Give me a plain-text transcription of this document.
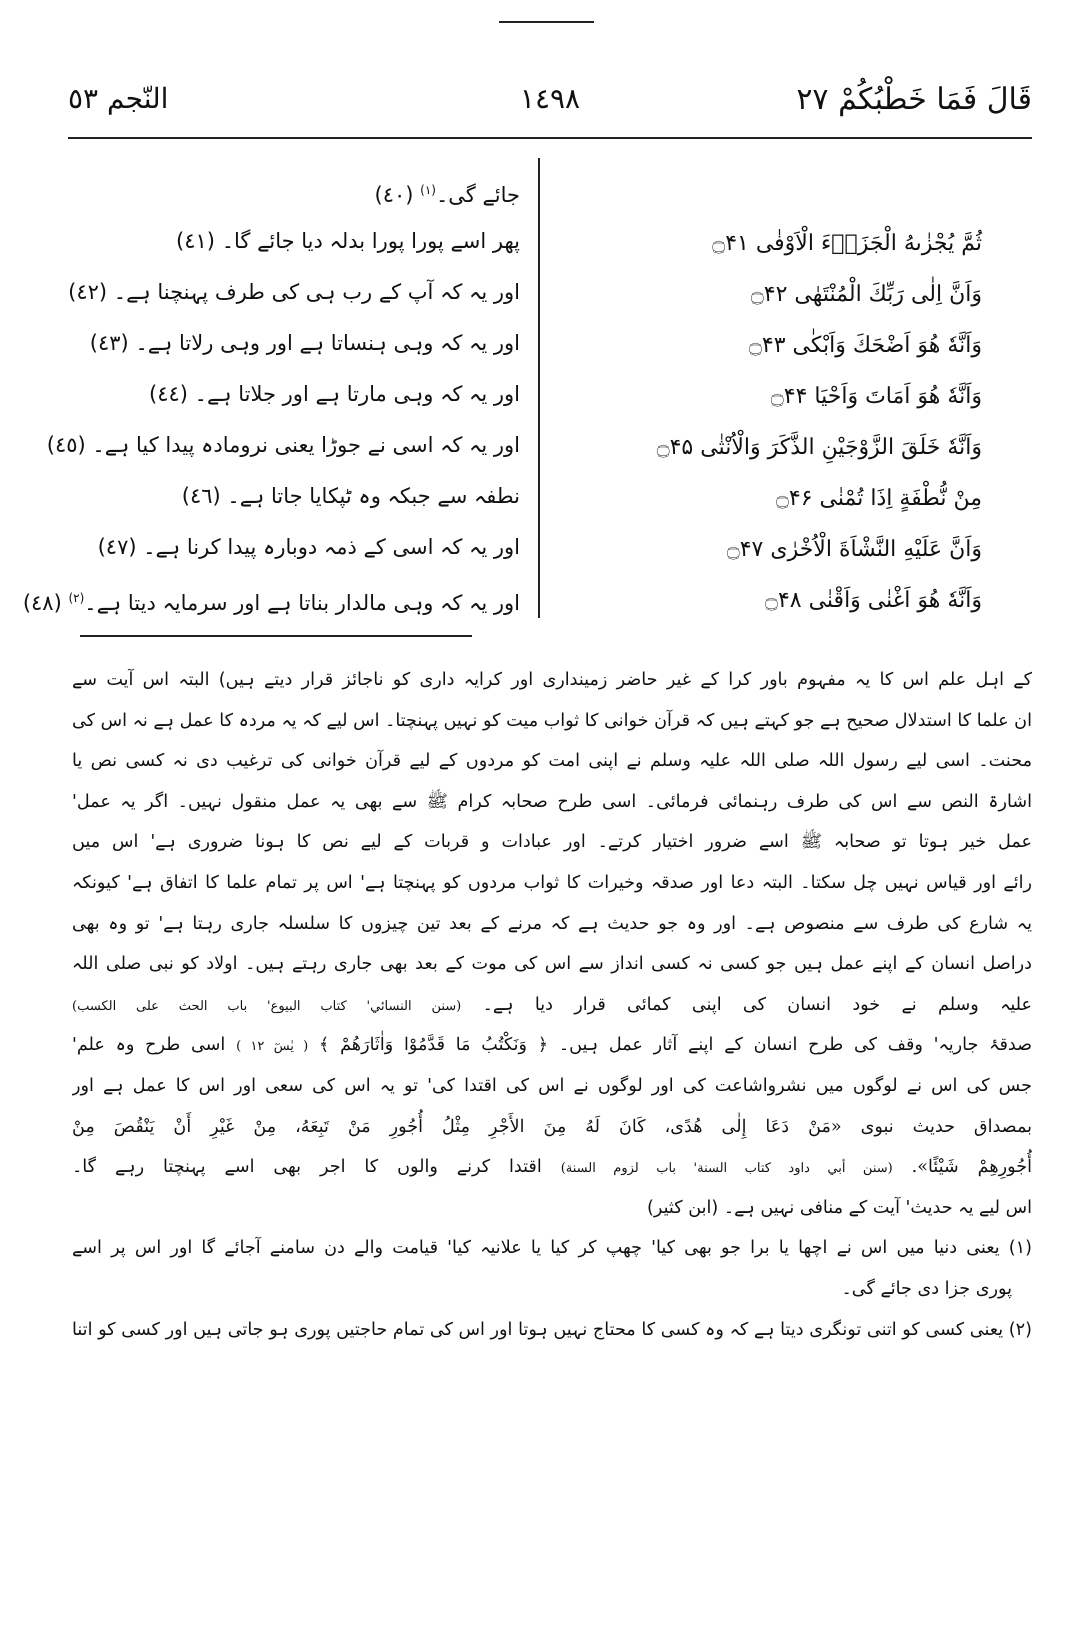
قَالَ فَمَا خَطْبُكُمْ ٢٧
١٤٩٨
النّجم ٥٣
ثُمَّ يُجْزٰىهُ الْجَزَاۗءَ الْاَوْفٰى ۝۴۱
وَاَنَّ اِلٰى رَبِّكَ الْمُنْتَهٰى ۝۴۲
وَاَنَّهٗ هُوَ اَضْحَكَ وَاَبْكٰى ۝۴۳
وَاَنَّهٗ هُوَ اَمَاتَ وَاَحْيَا ۝۴۴
وَاَنَّهٗ خَلَقَ الزَّوْجَيْنِ الذَّكَرَ وَالْاُنْثٰى ۝۴۵
مِنْ نُّطْفَةٍ اِذَا تُمْنٰى ۝۴۶
وَاَنَّ عَلَيْهِ النَّشْاَةَ الْاُخْرٰى ۝۴۷
وَاَنَّهٗ هُوَ اَغْنٰى وَاَقْنٰى ۝۴۸
جائے گی۔$^{(١)}$ (٤٠)
پھر اسے پورا پورا بدلہ دیا جائے گا۔ (٤١)
اور یہ کہ آپ کے رب ہی کی طرف پہنچنا ہے۔ (٤٢)
اور یہ کہ وہی ہنساتا ہے اور وہی رلاتا ہے۔ (٤٣)
اور یہ کہ وہی مارتا ہے اور جلاتا ہے۔ (٤٤)
اور یہ کہ اسی نے جوڑا یعنی نرومادہ پیدا کیا ہے۔ (٤٥)
نطفہ سے جبکہ وہ ٹپکایا جاتا ہے۔ (٤٦)
اور یہ کہ اسی کے ذمہ دوبارہ پیدا کرنا ہے۔ (٤٧)
اور یہ کہ وہی مالدار بناتا ہے اور سرمایہ دیتا ہے۔$^{(٢)}$ (٤٨)

کے اہل علم اس کا یہ مفہوم باور کرا کے غیر حاضر زمینداری اور کرایہ داری کو ناجائز قرار دیتے ہیں) البتہ اس آیت سے

ان علما کا استدلال صحیح ہے جو کہتے ہیں کہ قرآن خوانی کا ثواب میت کو نہیں پہنچتا۔ اس لیے کہ یہ مردہ کا عمل ہے نہ اس کی

محنت۔ اسی لیے رسول اللہ صلی اللہ علیہ وسلم نے اپنی امت کو مردوں کے لیے قرآن خوانی کی ترغیب دی نہ کسی نص یا

اشارۃ النص سے اس کی طرف رہنمائی فرمائی۔ اسی طرح صحابہ کرام ﷺ سے بھی یہ عمل منقول نہیں۔ اگر یہ عمل'

عمل خیر ہوتا تو صحابہ ﷺ اسے ضرور اختیار کرتے۔ اور عبادات و قربات کے لیے نص کا ہونا ضروری ہے' اس میں

رائے اور قیاس نہیں چل سکتا۔ البتہ دعا اور صدقہ وخیرات کا ثواب مردوں کو پہنچتا ہے' اس پر تمام علما کا اتفاق ہے' کیونکہ

یہ شارع کی طرف سے منصوص ہے۔ اور وہ جو حدیث ہے کہ مرنے کے بعد تین چیزوں کا سلسلہ جاری رہتا ہے' تو وہ بھی

دراصل انسان کے اپنے عمل ہیں جو کسی نہ کسی انداز سے اس کی موت کے بعد بھی جاری رہتے ہیں۔ اولاد کو نبی صلی اللہ

علیہ وسلم نے خود انسان کی اپنی کمائی قرار دیا ہے۔ (سنن النسائي' كتاب البيوع' باب الحث على الكسب)

صدقۂ جاریہ' وقف کی طرح انسان کے اپنے آثار عمل ہیں۔ ﴿ وَنَكْتُبُ مَا قَدَّمُوْا وَاٰثَارَهُمْ ﴾ ( يٰسٓ ١٢ ) اسی طرح وہ علم'

جس کی اس نے لوگوں میں نشرواشاعت کی اور لوگوں نے اس کی اقتدا کی' تو یہ اس کی سعی اور اس کا عمل ہے اور

بمصداق حدیث نبوی «مَنْ دَعَا إِلٰى هُدًى، كَانَ لَهُ مِنَ الأَجْرِ مِثْلُ أُجُورِ مَنْ تَبِعَهُ، مِنْ غَيْرِ أَنْ يَنْقُصَ مِنْ

أُجُورِهِمْ شَيْئًا». (سنن أبي داود كتاب السنة' باب لزوم السنة) اقتدا کرنے والوں کا اجر بھی اسے پہنچتا رہے گا۔

اس لیے یہ حدیث' آیت کے منافی نہیں ہے۔ (ابن کثیر)

(١) یعنی دنیا میں اس نے اچھا یا برا جو بھی کیا' چھپ کر کیا یا علانیہ کیا' قیامت والے دن سامنے آجائے گا اور اس پر اسے

پوری جزا دی جائے گی۔

(٢) یعنی کسی کو اتنی تونگری دیتا ہے کہ وہ کسی کا محتاج نہیں ہوتا اور اس کی تمام حاجتیں پوری ہو جاتی ہیں اور کسی کو اتنا
